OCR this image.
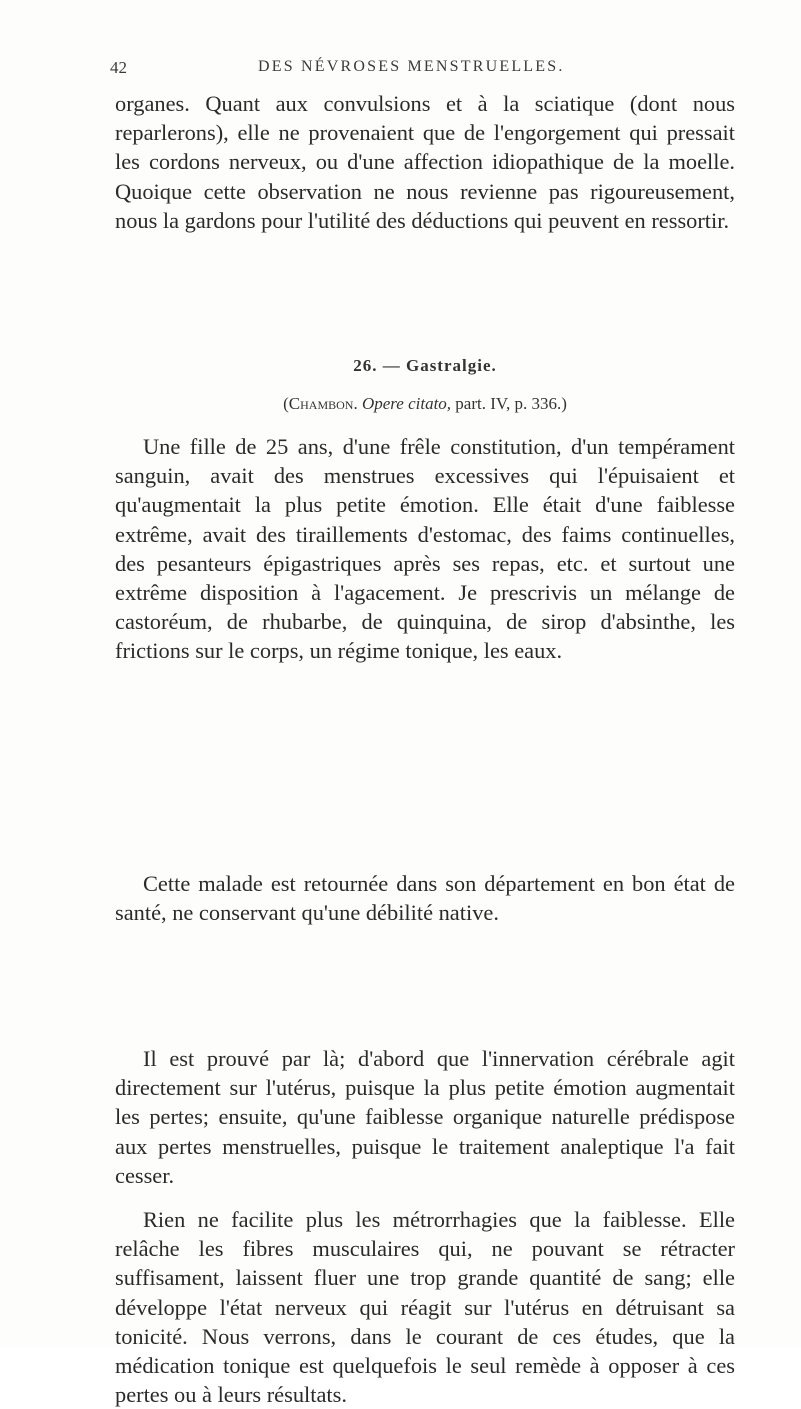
42	DES NÉVROSES MENSTRUELLES.

organes. Quant aux convulsions et à la sciatique (dont nous reparlerons), elle ne provenaient que de l'engorgement qui pressait les cordons nerveux, ou d'une affection idiopathique de la moelle. Quoique cette observation ne nous revienne pas rigoureusement, nous la gardons pour l'utilité des déductions qui peuvent en ressortir.

26. — Gastralgie.
(Chambon. Opere citato, part. IV, p. 336.)

Une fille de 25 ans, d'une frêle constitution, d'un tempérament sanguin, avait des menstrues excessives qui l'épuisaient et qu'augmentait la plus petite émotion. Elle était d'une faiblesse extrême, avait des tiraillements d'estomac, des faims continuelles, des pesanteurs épigastriques après ses repas, etc. et surtout une extrême disposition à l'agacement. Je prescrivis un mélange de castoréum, de rhubarbe, de quinquina, de sirop d'absinthe, les frictions sur le corps, un régime tonique, les eaux.

Cette malade est retournée dans son département en bon état de santé, ne conservant qu'une débilité native.

Il est prouvé par là; d'abord que l'innervation cérébrale agit directement sur l'utérus, puisque la plus petite émotion augmentait les pertes; ensuite, qu'une faiblesse organique naturelle prédispose aux pertes menstruelles, puisque le traitement analeptique l'a fait cesser.

Rien ne facilite plus les métrorrhagies que la faiblesse. Elle relâche les fibres musculaires qui, ne pouvant se rétracter suffisament, laissent fluer une trop grande quantité de sang; elle développe l'état nerveux qui réagit sur l'utérus en détruisant sa tonicité. Nous verrons, dans le courant de ces études, que la médication tonique est quelquefois le seul remède à opposer à ces pertes ou à leurs résultats.
